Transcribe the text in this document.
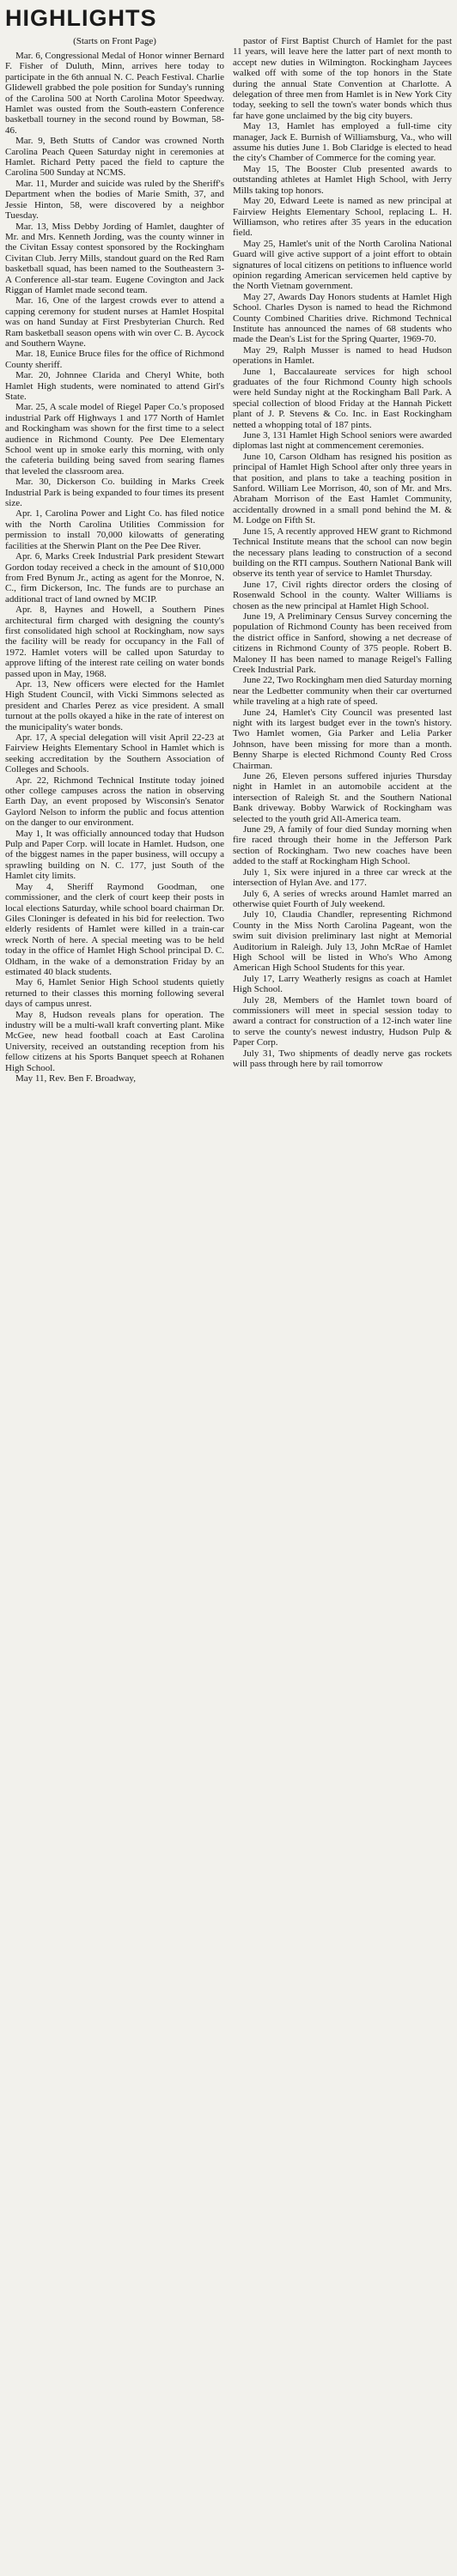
HIGHLIGHTS
(Starts on Front Page)

Mar. 6, Congressional Medal of Honor winner Bernard F. Fisher of Duluth, Minn, arrives here today to participate in the 6th annual N. C. Peach Festival. Charlie Glidewell grabbed the pole position for Sunday's running of the Carolina 500 at North Carolina Motor Speedway. Hamlet was ousted from the South-eastern Conference basketball tourney in the second round by Bowman, 58-46.

Mar. 9, Beth Stutts of Candor was crowned North Carolina Peach Queen Saturday night in ceremonies at Hamlet. Richard Petty paced the field to capture the Carolina 500 Sunday at NCMS.

Mar. 11, Murder and suicide was ruled by the Sheriff's Department when the bodies of Marie Smith, 37, and Jessie Hinton, 58, were discovered by a neighbor Tuesday.

Mar. 13, Miss Debby Jording of Hamlet, daughter of Mr. and Mrs. Kenneth Jording, was the county winner in the Civitan Essay contest sponsored by the Rockingham Civitan Club. Jerry Mills, standout guard on the Red Ram basketball squad, has been named to the Southeastern 3-A Conference all-star team. Eugene Covington and Jack Riggan of Hamlet made second team.

Mar. 16, One of the largest crowds ever to attend a capping ceremony for student nurses at Hamlet Hospital was on hand Sunday at First Presbyterian Church. Red Ram basketball season opens with win over C. B. Aycock and Southern Wayne.

Mar. 18, Eunice Bruce files for the office of Richmond County sheriff.

Mar. 20, Johnnee Clarida and Cheryl White, both Hamlet High students, were nominated to attend Girl's State.

Mar. 25, A scale model of Riegel Paper Co.'s proposed industrial Park off Highways 1 and 177 North of Hamlet and Rockingham was shown for the first time to a select audience in Richmond County. Pee Dee Elementary School went up in smoke early this morning, with only the cafeteria building being saved from searing flames that leveled the classroom area.

Mar. 30, Dickerson Co. building in Marks Creek Industrial Park is being expanded to four times its present size.

Apr. 1, Carolina Power and Light Co. has filed notice with the North Carolina Utilities Commission for permission to install 70,000 kilowatts of generating facilities at the Sherwin Plant on the Pee Dee River.

Apr. 6, Marks Creek Industrial Park president Stewart Gordon today received a check in the amount of $10,000 from Fred Bynum Jr., acting as agent for the Monroe, N. C., firm Dickerson, Inc. The funds are to purchase an additional tract of land owned by MCIP.

Apr. 8, Haynes and Howell, a Southern Pines architectural firm charged with designing the county's first consolidated high school at Rockingham, now says the facility will be ready for occupancy in the Fall of 1972. Hamlet voters will be called upon Saturday to approve lifting of the interest rate ceiling on water bonds passed upon in May, 1968.

Apr. 13, New officers were elected for the Hamlet High Student Council, with Vicki Simmons selected as president and Charles Perez as vice president. A small turnout at the polls okayed a hike in the rate of interest on the municipality's water bonds.

Apr. 17, A special delegation will visit April 22-23 at Fairview Heights Elementary School in Hamlet which is seeking accreditation by the Southern Association of Colleges and Schools.

Apr. 22, Richmond Technical Institute today joined other college campuses across the nation in observing Earth Day, an event proposed by Wisconsin's Senator Gaylord Nelson to inform the public and focus attention on the danger to our environment.

May 1, It was officially announced today that Hudson Pulp and Paper Corp. will locate in Hamlet. Hudson, one of the biggest names in the paper business, will occupy a sprawling building on N. C. 177, just South of the Hamlet city limits.

May 4, Sheriff Raymond Goodman, one commissioner, and the clerk of court keep their posts in local elections Saturday, while school board chairman Dr. Giles Cloninger is defeated in his bid for reelection. Two elderly residents of Hamlet were killed in a train-car wreck North of here. A special meeting was to be held today in the office of Hamlet High School principal D. C. Oldham, in the wake of a demonstration Friday by an estimated 40 black students.

May 6, Hamlet Senior High School students quietly returned to their classes this morning following several days of campus unrest.

May 8, Hudson reveals plans for operation. The industry will be a multi-wall kraft converting plant. Mike McGee, new head football coach at East Carolina University, received an outstanding reception from his fellow citizens at his Sports Banquet speech at Rohanen High School.

May 11, Rev. Ben F. Broadway,

pastor of First Baptist Church of Hamlet for the past 11 years, will leave here the latter part of next month to accept new duties in Wilmington. Rockingham Jaycees walked off with some of the top honors in the State during the annual State Convention at Charlotte. A delegation of three men from Hamlet is in New York City today, seeking to sell the town's water bonds which thus far have gone unclaimed by the big city buyers.

May 13, Hamlet has employed a full-time city manager, Jack E. Burnish of Williamsburg, Va., who will assume his duties June 1. Bob Claridge is elected to head the city's Chamber of Commerce for the coming year.

May 15, The Booster Club presented awards to outstanding athletes at Hamlet High School, with Jerry Mills taking top honors.

May 20, Edward Leete is named as new principal at Fairview Heights Elementary School, replacing L. H. Williamson, who retires after 35 years in the education field.

May 25, Hamlet's unit of the North Carolina National Guard will give active support of a joint effort to obtain signatures of local citizens on petitions to influence world opinion regarding American servicemen held captive by the North Vietnam government.

May 27, Awards Day Honors students at Hamlet High School. Charles Dyson is named to head the Richmond County Combined Charities drive. Richmond Technical Institute has announced the names of 68 students who made the Dean's List for the Spring Quarter, 1969-70.

May 29, Ralph Musser is named to head Hudson operations in Hamlet.

June 1, Baccalaureate services for high school graduates of the four Richmond County high schools were held Sunday night at the Rockingham Ball Park. A special collection of blood Friday at the Hannah Pickett plant of J. P. Stevens & Co. Inc. in East Rockingham netted a whopping total of 187 pints.

June 3, 131 Hamlet High School seniors were awarded diplomas last night at commencement ceremonies.

June 10, Carson Oldham has resigned his position as principal of Hamlet High School after only three years in that position, and plans to take a teaching position in Sanford. William Lee Morrison, 40, son of Mr. and Mrs. Abraham Morrison of the East Hamlet Community, accidentally drowned in a small pond behind the M. & M. Lodge on Fifth St.

June 15, A recently approved HEW grant to Richmond Technical Institute means that the school can now begin the necessary plans leading to construction of a second building on the RTI campus. Southern National Bank will observe its tenth year of service to Hamlet Thursday.

June 17, Civil rights director orders the closing of Rosenwald School in the county. Walter Williams is chosen as the new principal at Hamlet High School.

June 19, A Preliminary Census Survey concerning the population of Richmond County has been received from the district office in Sanford, showing a net decrease of citizens in Richmond County of 375 people. Robert B. Maloney II has been named to manage Reigel's Falling Creek Industrial Park.

June 22, Two Rockingham men died Saturday morning near the Ledbetter community when their car overturned while traveling at a high rate of speed.

June 24, Hamlet's City Council was presented last night with its largest budget ever in the town's history. Two Hamlet women, Gia Parker and Lelia Parker Johnson, have been missing for more than a month. Benny Sharpe is elected Richmond County Red Cross Chairman.

June 26, Eleven persons suffered injuries Thursday night in Hamlet in an automobile accident at the intersection of Raleigh St. and the Southern National Bank driveway. Bobby Warwick of Rockingham was selected to the youth grid All-America team.

June 29, A family of four died Sunday morning when fire raced through their home in the Jefferson Park section of Rockingham. Two new coaches have been added to the staff at Rockingham High School.

July 1, Six were injured in a three car wreck at the intersection of Hylan Ave. and 177.

July 6, A series of wrecks around Hamlet marred an otherwise quiet Fourth of July weekend.

July 10, Claudia Chandler, representing Richmond County in the Miss North Carolina Pageant, won the swim suit division preliminary last night at Memorial Auditorium in Raleigh. July 13, John McRae of Hamlet High School will be listed in Who's Who Among American High School Students for this year.

July 17, Larry Weatherly resigns as coach at Hamlet High School.

July 28, Members of the Hamlet town board of commissioners will meet in special session today to award a contract for construction of a 12-inch water line to serve the county's newest industry, Hudson Pulp & Paper Corp.

July 31, Two shipments of deadly nerve gas rockets will pass through here by rail tomorrow
